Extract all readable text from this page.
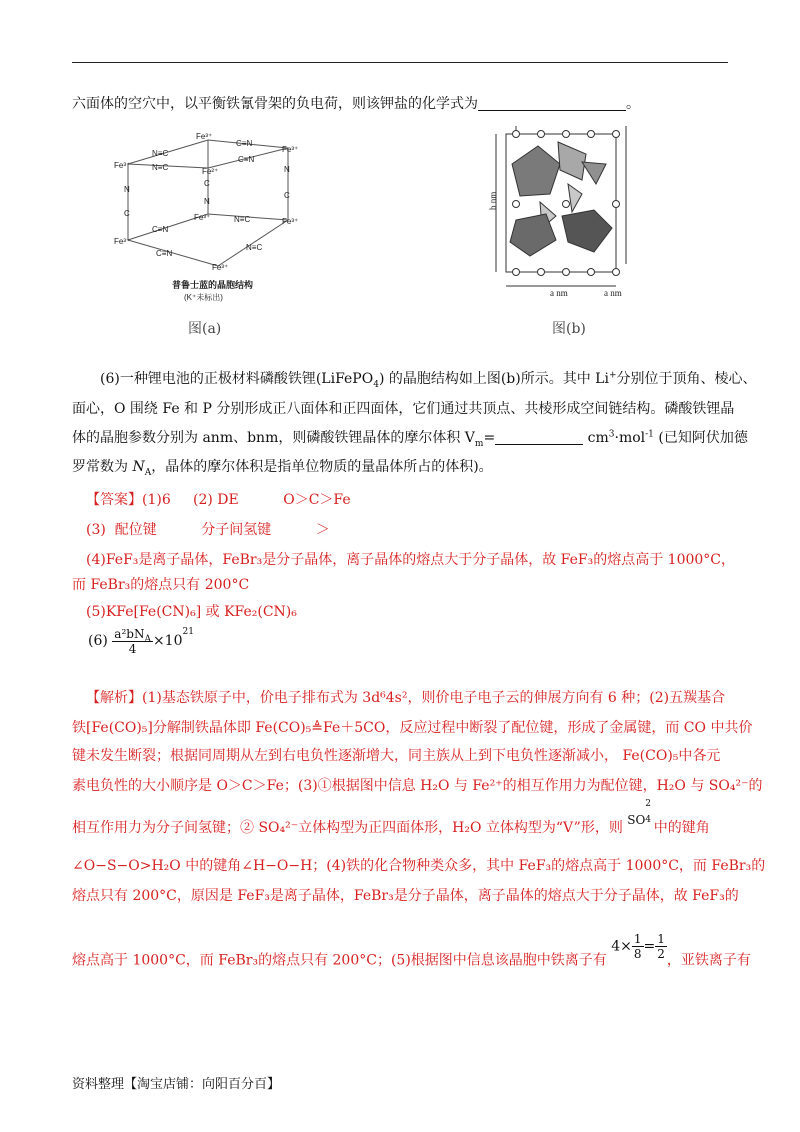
六面体的空穴中，以平衡铁氰骨架的负电荷，则该钾盐的化学式为	。
Fe³⁺
Fe³⁺
Fe³⁺
Fe²⁺
Fe³⁺
Fe³⁺
Fe³⁺
Fe³⁺
N≡C
C≡N
N≡C
C≡N
N
C
C
N
N
C
C≡N
N≡C
C≡N
N≡C
普鲁士蓝的晶胞结构
(K⁺未标出)
图(a)
b nm
a nm	a nm
图(b)
(6)一种锂电池的正极材料磷酸铁锂(LiFePO$_4$) 的晶胞结构如上图(b)所示。其中 Li+分别位于顶角、棱心、
面心，O 围绕 Fe 和 P 分别形成正八面体和正四面体，它们通过共顶点、共棱形成空间链结构。磷酸铁锂晶
体的晶胞参数分别为 anm、bnm，则磷酸铁锂晶体的摩尔体积 $V_m=$	$cm^3\cdot mol^{-1}$ (已知阿伏加德
罗常数为 $N_A$，晶体的摩尔体积是指单位物质的量晶体所占的体积)。
【答案】(1)6     (2) DE          O＞C＞Fe
(3)  配位键          分子间氢键          ＞
(4)FeF₃是离子晶体，FeBr₃是分子晶体，离子晶体的熔点大于分子晶体，故 FeF₃的熔点高于 1000°C，
而 FeBr₃的熔点只有 200°C
(5)KFe[Fe(CN)₆] 或 KFe₂(CN)₆
$(6) \frac{a^2bN_A}{4} \times 10^{21}$
【解析】(1)基态铁原子中，价电子排布式为 3d⁶4s²，则价电子电子云的伸展方向有 6 种；(2)五羰基合
铁[Fe(CO)₅]分解制铁晶体即 Fe(CO)₅≜Fe＋5CO，反应过程中断裂了配位键，形成了金属键，而 CO 中共价
键未发生断裂；根据同周期从左到右电负性逐渐增大，同主族从上到下电负性逐渐减小， Fe(CO)₅中各元
素电负性的大小顺序是 O＞C＞Fe；(3)①根据图中信息 H₂O 与 Fe²⁺的相互作用力为配位键，H₂O 与 SO₄²⁻的
相互作用力为分子间氢键；② SO₄²⁻立体构型为正四面体形，H₂O 立体构型为“V”形，则 SO
2
4
中的键角
∠O−S−O>H₂O 中的键角∠H−O−H；(4)铁的化合物种类众多，其中 FeF₃的熔点高于 1000°C，而 FeBr₃的
熔点只有 200°C，原因是 FeF₃是离子晶体，FeBr₃是分子晶体，离子晶体的熔点大于分子晶体，故 FeF₃的
熔点高于 1000°C，而 FeBr₃的熔点只有 200°C；(5)根据图中信息该晶胞中铁离子有 $4\times \frac{1}{8} = \frac{1}{2}$ ，亚铁离子有
资料整理【淘宝店铺：向阳百分百】
